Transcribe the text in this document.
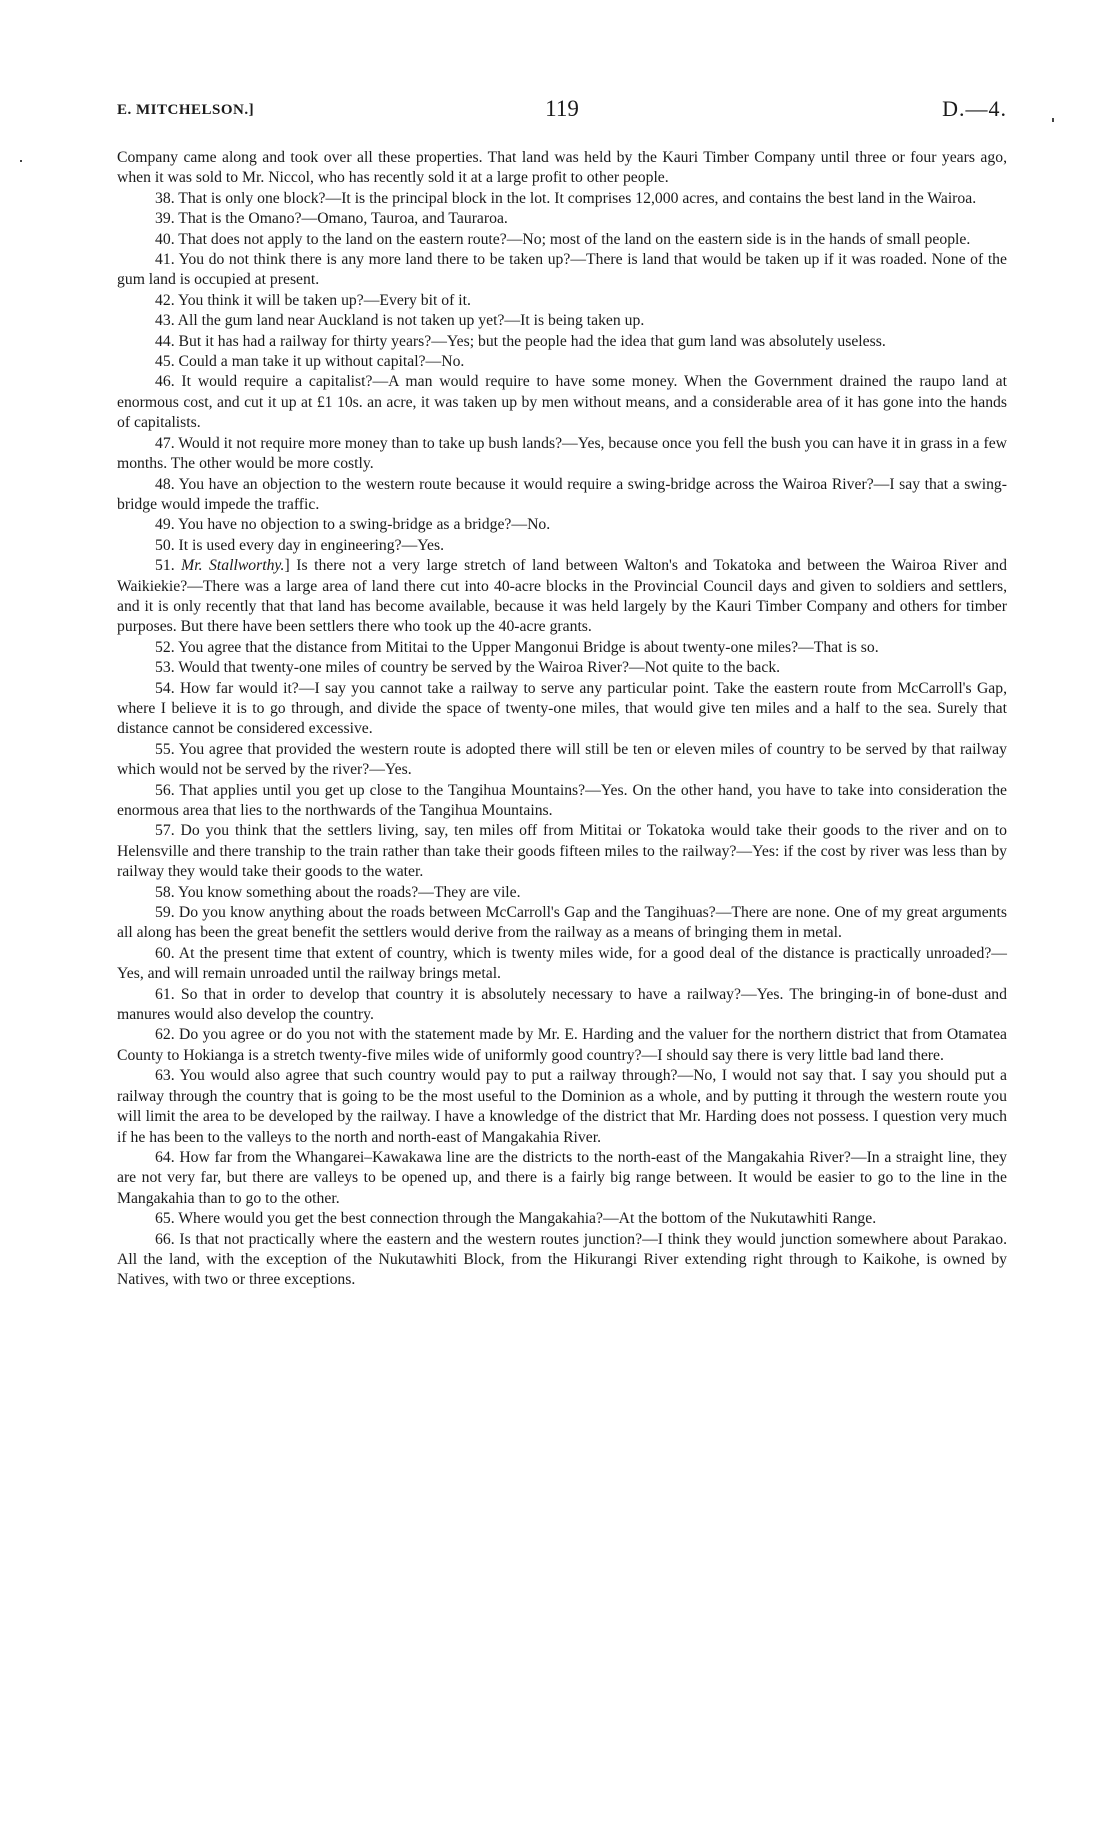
E. MITCHELSON.]	119	D.—4.

Company came along and took over all these properties. That land was held by the Kauri Timber Company until three or four years ago, when it was sold to Mr. Niccol, who has recently sold it at a large profit to other people.

38. That is only one block?—It is the principal block in the lot. It comprises 12,000 acres, and contains the best land in the Wairoa.

39. That is the Omano?—Omano, Tauroa, and Tauraroa.

40. That does not apply to the land on the eastern route?—No; most of the land on the eastern side is in the hands of small people.

41. You do not think there is any more land there to be taken up?—There is land that would be taken up if it was roaded. None of the gum land is occupied at present.

42. You think it will be taken up?—Every bit of it.

43. All the gum land near Auckland is not taken up yet?—It is being taken up.

44. But it has had a railway for thirty years?—Yes; but the people had the idea that gum land was absolutely useless.

45. Could a man take it up without capital?—No.

46. It would require a capitalist?—A man would require to have some money. When the Government drained the raupo land at enormous cost, and cut it up at £1 10s. an acre, it was taken up by men without means, and a considerable area of it has gone into the hands of capitalists.

47. Would it not require more money than to take up bush lands?—Yes, because once you fell the bush you can have it in grass in a few months. The other would be more costly.

48. You have an objection to the western route because it would require a swing-bridge across the Wairoa River?—I say that a swing-bridge would impede the traffic.

49. You have no objection to a swing-bridge as a bridge?—No.

50. It is used every day in engineering?—Yes.

51. Mr. Stallworthy.] Is there not a very large stretch of land between Walton's and Tokatoka and between the Wairoa River and Waikiekie?—There was a large area of land there cut into 40-acre blocks in the Provincial Council days and given to soldiers and settlers, and it is only recently that that land has become available, because it was held largely by the Kauri Timber Company and others for timber purposes. But there have been settlers there who took up the 40-acre grants.

52. You agree that the distance from Mititai to the Upper Mangonui Bridge is about twenty-one miles?—That is so.

53. Would that twenty-one miles of country be served by the Wairoa River?—Not quite to the back.

54. How far would it?—I say you cannot take a railway to serve any particular point. Take the eastern route from McCarroll's Gap, where I believe it is to go through, and divide the space of twenty-one miles, that would give ten miles and a half to the sea. Surely that distance cannot be considered excessive.

55. You agree that provided the western route is adopted there will still be ten or eleven miles of country to be served by that railway which would not be served by the river?—Yes.

56. That applies until you get up close to the Tangihua Mountains?—Yes. On the other hand, you have to take into consideration the enormous area that lies to the northwards of the Tangihua Mountains.

57. Do you think that the settlers living, say, ten miles off from Mititai or Tokatoka would take their goods to the river and on to Helensville and there tranship to the train rather than take their goods fifteen miles to the railway?—Yes: if the cost by river was less than by railway they would take their goods to the water.

58. You know something about the roads?—They are vile.

59. Do you know anything about the roads between McCarroll's Gap and the Tangihuas?—There are none. One of my great arguments all along has been the great benefit the settlers would derive from the railway as a means of bringing them in metal.

60. At the present time that extent of country, which is twenty miles wide, for a good deal of the distance is practically unroaded?—Yes, and will remain unroaded until the railway brings metal.

61. So that in order to develop that country it is absolutely necessary to have a railway?—Yes. The bringing-in of bone-dust and manures would also develop the country.

62. Do you agree or do you not with the statement made by Mr. E. Harding and the valuer for the northern district that from Otamatea County to Hokianga is a stretch twenty-five miles wide of uniformly good country?—I should say there is very little bad land there.

63. You would also agree that such country would pay to put a railway through?—No, I would not say that. I say you should put a railway through the country that is going to be the most useful to the Dominion as a whole, and by putting it through the western route you will limit the area to be developed by the railway. I have a knowledge of the district that Mr. Harding does not possess. I question very much if he has been to the valleys to the north and north-east of Mangakahia River.

64. How far from the Whangarei–Kawakawa line are the districts to the north-east of the Mangakahia River?—In a straight line, they are not very far, but there are valleys to be opened up, and there is a fairly big range between. It would be easier to go to the line in the Mangakahia than to go to the other.

65. Where would you get the best connection through the Mangakahia?—At the bottom of the Nukutawhiti Range.

66. Is that not practically where the eastern and the western routes junction?—I think they would junction somewhere about Parakao. All the land, with the exception of the Nukutawhiti Block, from the Hikurangi River extending right through to Kaikohe, is owned by Natives, with two or three exceptions.
